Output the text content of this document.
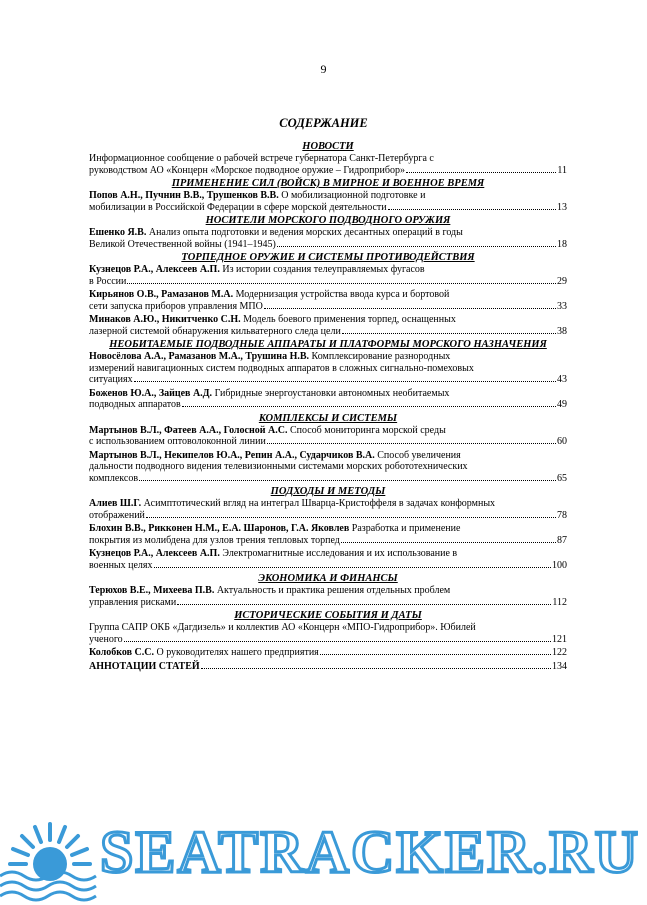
9
СОДЕРЖАНИЕ
НОВОСТИ
Информационное сообщение о рабочей встрече губернатора Санкт-Петербурга с
руководством АО «Концерн «Морское подводное оружие – Гидроприбор»	11
ПРИМЕНЕНИЕ СИЛ (ВОЙСК) В МИРНОЕ И ВОЕННОЕ ВРЕМЯ
Попов А.Н., Пучнин В.В., Трушенков В.В. О мобилизационной подготовке и
мобилизации в Российской Федерации в сфере морской деятельности	13
НОСИТЕЛИ МОРСКОГО ПОДВОДНОГО ОРУЖИЯ
Ешенко Я.В. Анализ опыта подготовки и ведения морских десантных операций в годы
Великой Отечественной войны (1941–1945)	18
ТОРПЕДНОЕ ОРУЖИЕ И СИСТЕМЫ ПРОТИВОДЕЙСТВИЯ
Кузнецов Р.А., Алексеев А.П. Из истории создания телеуправляемых фугасов
в России	29
Кирьянов О.В., Рамазанов М.А. Модернизация устройства ввода курса и бортовой
сети запуска приборов управления МПО	33
Минаков А.Ю., Никитченко С.Н. Модель боевого применения торпед, оснащенных
лазерной системой обнаружения кильватерного следа цели	38
НЕОБИТАЕМЫЕ ПОДВОДНЫЕ АППАРАТЫ И ПЛАТФОРМЫ МОРСКОГО НАЗНАЧЕНИЯ
Новосёлова А.А., Рамазанов М.А., Трушина Н.В. Комплексирование разнородных
измерений навигационных систем подводных аппаратов в сложных сигнально-помеховых
ситуациях	43
Боженов Ю.А., Зайцев А.Д. Гибридные энергоустановки автономных необитаемых
подводных аппаратов	49
КОМПЛЕКСЫ И СИСТЕМЫ
Мартынов В.Л., Фатеев А.А., Голосной А.С. Способ мониторинга морской среды
с использованием оптоволоконной линии	60
Мартынов В.Л., Некипелов Ю.А., Репин А.А., Сударчиков В.А. Способ увеличения
дальности подводного видения телевизионными системами морских робототехнических
комплексов	65
ПОДХОДЫ И МЕТОДЫ
Алиев Ш.Г. Асимптотический вгляд на интеграл Шварца-Кристоффеля в задачах конформных
отображений	78
Блохин В.В., Рикконен Н.М., Е.А. Шаронов, Г.А. Яковлев Разработка и применение
покрытия из молибдена для узлов трения тепловых торпед	87
Кузнецов Р.А., Алексеев А.П. Электромагнитные исследования и их использование в
военных целях	100
ЭКОНОМИКА И ФИНАНСЫ
Терюхов В.Е., Михеева П.В. Актуальность и практика решения отдельных проблем
управления рисками	112
ИСТОРИЧЕСКИЕ СОБЫТИЯ И ДАТЫ
Группа САПР ОКБ «Дагдизель» и коллектив АО «Концерн «МПО-Гидроприбор». Юбилей
ученого	121
Колобков С.С. О руководителях нашего предприятия	122
АННОТАЦИИ СТАТЕЙ	134
SEATRACKER.RU
